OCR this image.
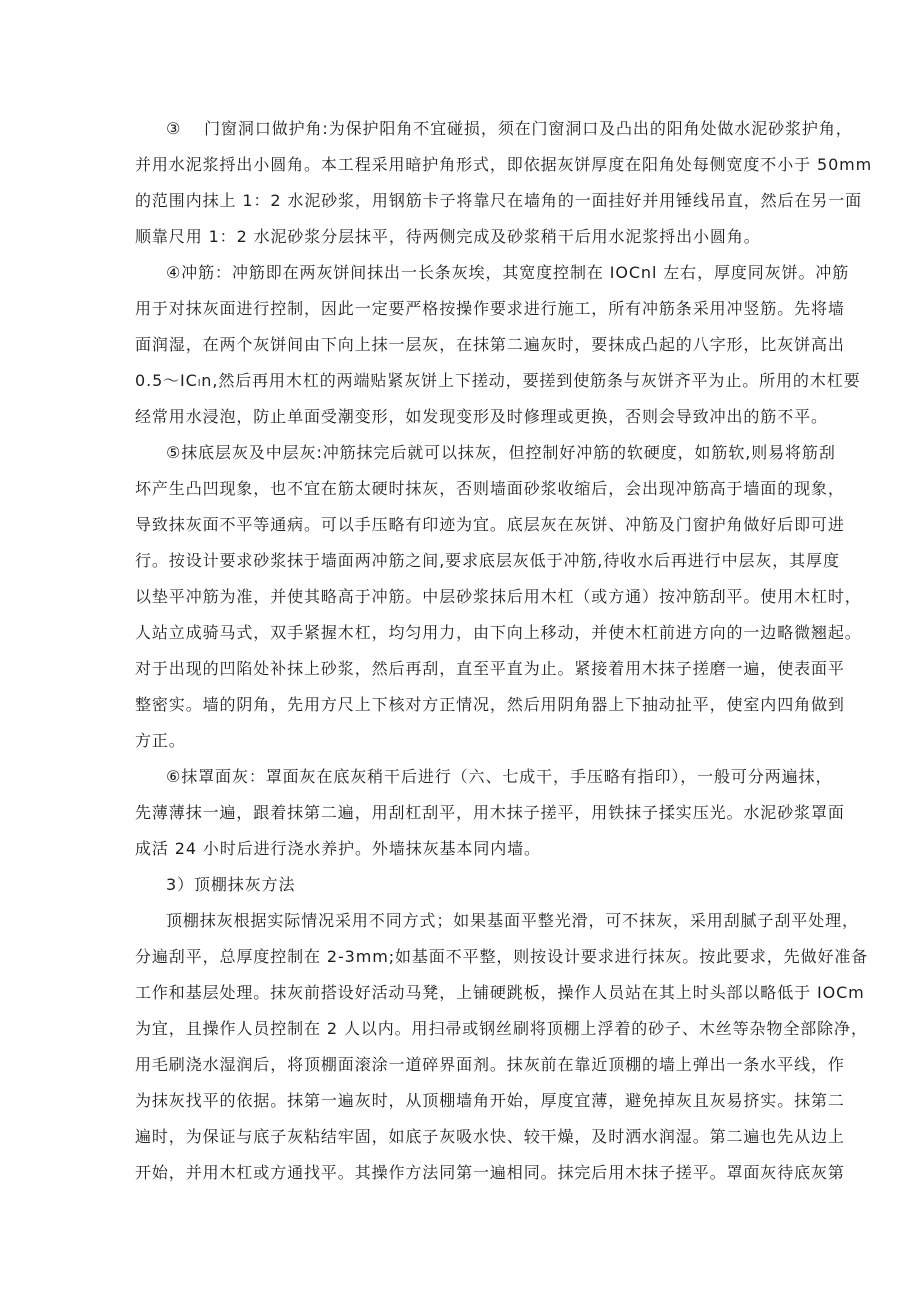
③　 门窗洞口做护角:为保护阳角不宜碰损，须在门窗洞口及凸出的阳角处做水泥砂浆护角，
并用水泥浆捋出小圆角。本工程采用暗护角形式，即依据灰饼厚度在阳角处每侧宽度不小于 50mm
的范围内抹上 1：2 水泥砂浆，用钢筋卡子将靠尺在墙角的一面挂好并用锤线吊直，然后在另一面
顺靠尺用 1：2 水泥砂浆分层抹平，待两侧完成及砂浆稍干后用水泥浆捋出小圆角。
④冲筋：冲筋即在两灰饼间抹出一长条灰埃，其宽度控制在 IOCnl 左右，厚度同灰饼。冲筋
用于对抹灰面进行控制，因此一定要严格按操作要求进行施工，所有冲筋条采用冲竖筋。先将墙
面润湿，在两个灰饼间由下向上抹一层灰，在抹第二遍灰时，要抹成凸起的八字形，比灰饼高出
0.5〜ICₗn,然后再用木杠的两端贴紧灰饼上下搓动，要搓到使筋条与灰饼齐平为止。所用的木杠要
经常用水浸泡，防止单面受潮变形，如发现变形及时修理或更换，否则会导致冲出的筋不平。
⑤抹底层灰及中层灰:冲筋抹完后就可以抹灰，但控制好冲筋的软硬度，如筋软,则易将筋刮
坏产生凸凹现象，也不宜在筋太硬时抹灰，否则墙面砂浆收缩后，会出现冲筋高于墙面的现象，
导致抹灰面不平等通病。可以手压略有印迹为宜。底层灰在灰饼、冲筋及门窗护角做好后即可进
行。按设计要求砂浆抹于墙面两冲筋之间,要求底层灰低于冲筋,待收水后再进行中层灰，其厚度
以垫平冲筋为准，并使其略高于冲筋。中层砂浆抹后用木杠（或方通）按冲筋刮平。使用木杠时，
人站立成骑马式，双手紧握木杠，均匀用力，由下向上移动，并使木杠前进方向的一边略微翘起。
对于出现的凹陷处补抹上砂浆，然后再刮，直至平直为止。紧接着用木抹子搓磨一遍，使表面平
整密实。墙的阴角，先用方尺上下核对方正情况，然后用阴角器上下抽动扯平，使室内四角做到
方正。
⑥抹罩面灰：罩面灰在底灰稍干后进行（六、七成干，手压略有指印），一般可分两遍抹，
先薄薄抹一遍，跟着抹第二遍，用刮杠刮平，用木抹子搓平，用铁抹子揉实压光。水泥砂浆罩面
成活 24 小时后进行浇水养护。外墙抹灰基本同内墙。
3）顶棚抹灰方法
顶棚抹灰根据实际情况采用不同方式；如果基面平整光滑，可不抹灰，采用刮腻子刮平处理，
分遍刮平，总厚度控制在 2-3mm;如基面不平整，则按设计要求进行抹灰。按此要求，先做好准备
工作和基层处理。抹灰前搭设好活动马凳，上铺硬跳板，操作人员站在其上时头部以略低于 IOCm
为宜，且操作人员控制在 2 人以内。用扫帚或钢丝刷将顶棚上浮着的砂子、木丝等杂物全部除净，
用毛刷浇水湿润后，将顶棚面滚涂一道碎界面剂。抹灰前在靠近顶棚的墙上弹出一条水平线，作
为抹灰找平的依据。抹第一遍灰时，从顶棚墙角开始，厚度宜薄，避免掉灰且灰易挤实。抹第二
遍时，为保证与底子灰粘结牢固，如底子灰吸水快、较干燥，及时洒水润湿。第二遍也先从边上
开始，并用木杠或方通找平。其操作方法同第一遍相同。抹完后用木抹子搓平。罩面灰待底灰第
